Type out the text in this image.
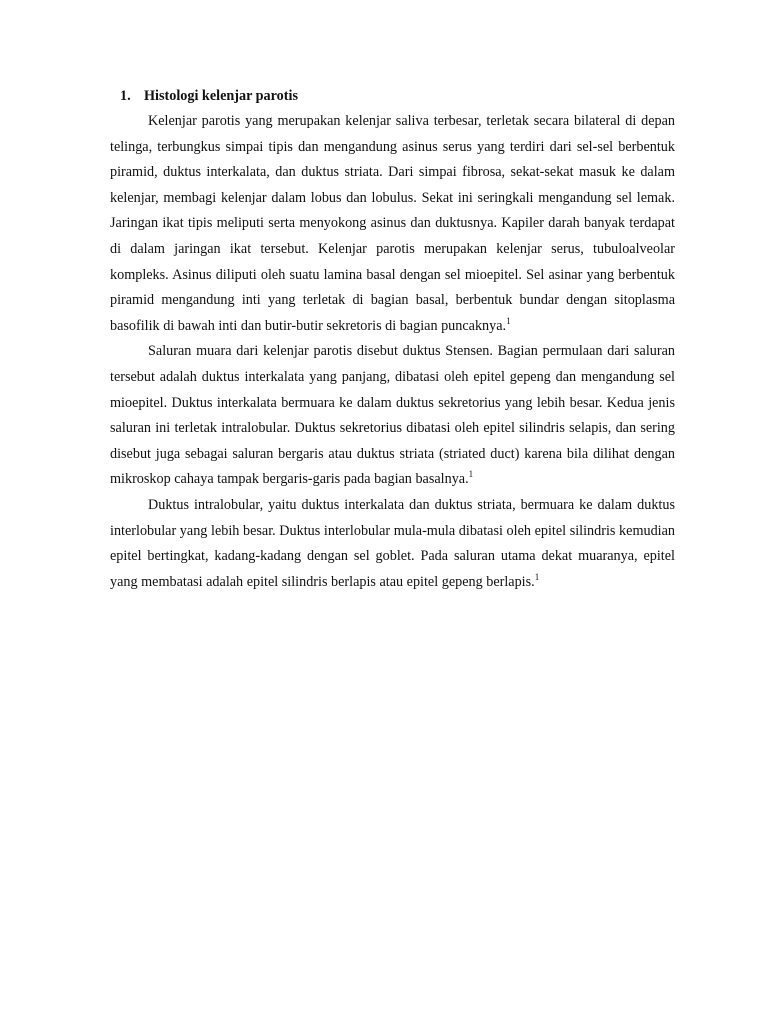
1. Histologi kelenjar parotis

Kelenjar parotis yang merupakan kelenjar saliva terbesar, terletak secara bilateral di depan telinga, terbungkus simpai tipis dan mengandung asinus serus yang terdiri dari sel-sel berbentuk piramid, duktus interkalata, dan duktus striata. Dari simpai fibrosa, sekat-sekat masuk ke dalam kelenjar, membagi kelenjar dalam lobus dan lobulus. Sekat ini seringkali mengandung sel lemak. Jaringan ikat tipis meliputi serta menyokong asinus dan duktusnya. Kapiler darah banyak terdapat di dalam jaringan ikat tersebut. Kelenjar parotis merupakan kelenjar serus, tubuloalveolar kompleks. Asinus diliputi oleh suatu lamina basal dengan sel mioepitel. Sel asinar yang berbentuk piramid mengandung inti yang terletak di bagian basal, berbentuk bundar dengan sitoplasma basofilik di bawah inti dan butir-butir sekretoris di bagian puncaknya.$^1$

Saluran muara dari kelenjar parotis disebut duktus Stensen. Bagian permulaan dari saluran tersebut adalah duktus interkalata yang panjang, dibatasi oleh epitel gepeng dan mengandung sel mioepitel. Duktus interkalata bermuara ke dalam duktus sekretorius yang lebih besar. Kedua jenis saluran ini terletak intralobular. Duktus sekretorius dibatasi oleh epitel silindris selapis, dan sering disebut juga sebagai saluran bergaris atau duktus striata (striated duct) karena bila dilihat dengan mikroskop cahaya tampak bergaris-garis pada bagian basalnya.$^1$

Duktus intralobular, yaitu duktus interkalata dan duktus striata, bermuara ke dalam duktus interlobular yang lebih besar. Duktus interlobular mula-mula dibatasi oleh epitel silindris kemudian epitel bertingkat, kadang-kadang dengan sel goblet. Pada saluran utama dekat muaranya, epitel yang membatasi adalah epitel silindris berlapis atau epitel gepeng berlapis.$^1$
